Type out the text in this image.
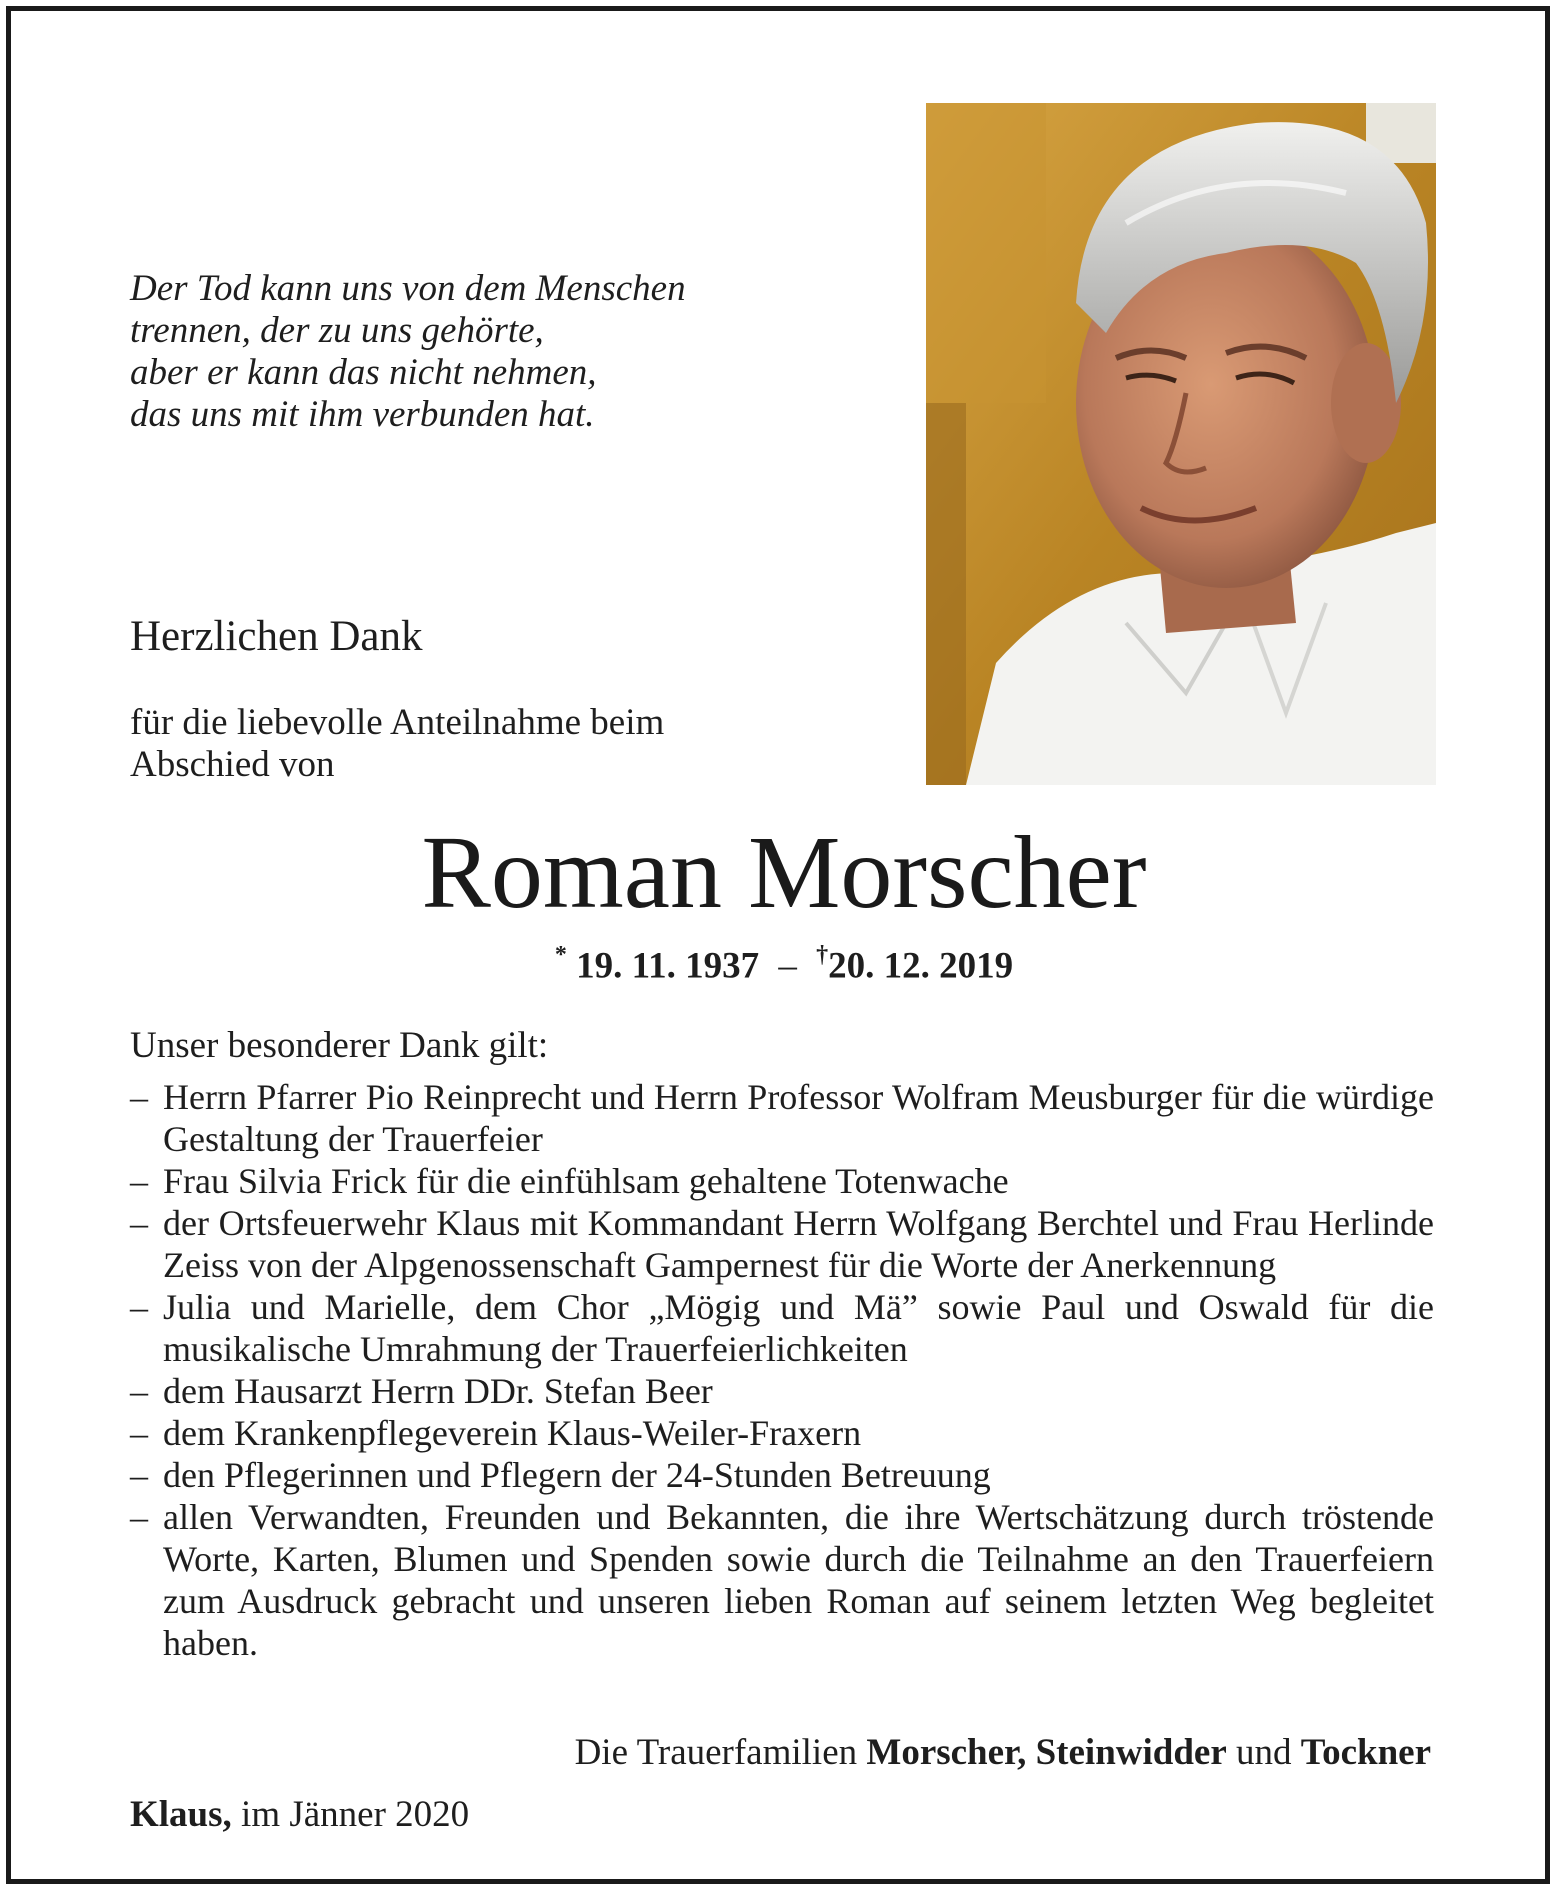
Der Tod kann uns von dem Menschen
trennen, der zu uns gehörte,
aber er kann das nicht nehmen,
das uns mit ihm verbunden hat.
Herzlichen Dank
für die liebevolle Anteilnahme beim
Abschied von
Roman Morscher
* 19. 11. 1937 – †20. 12. 2019
Unser besonderer Dank gilt:
– Herrn Pfarrer Pio Reinprecht und Herrn Professor Wolfram Meusburger für die würdige Gestaltung der Trauerfeier
– Frau Silvia Frick für die einfühlsam gehaltene Totenwache
– der Ortsfeuerwehr Klaus mit Kommandant Herrn Wolfgang Berchtel und Frau Herlinde Zeiss von der Alpgenossenschaft Gampernest für die Worte der Anerkennung
– Julia und Marielle, dem Chor „Mögig und Mä” sowie Paul und Oswald für die musikalische Umrahmung der Trauerfeierlichkeiten
– dem Hausarzt Herrn DDr. Stefan Beer
– dem Krankenpflegeverein Klaus-Weiler-Fraxern
– den Pflegerinnen und Pflegern der 24-Stunden Betreuung
– allen Verwandten, Freunden und Bekannten, die ihre Wertschätzung durch tröstende Worte, Karten, Blumen und Spenden sowie durch die Teilnahme an den Trauerfeiern zum Ausdruck gebracht und unseren lieben Roman auf seinem letzten Weg begleitet haben.
Die Trauerfamilien Morscher, Steinwidder und Tockner
Klaus, im Jänner 2020
